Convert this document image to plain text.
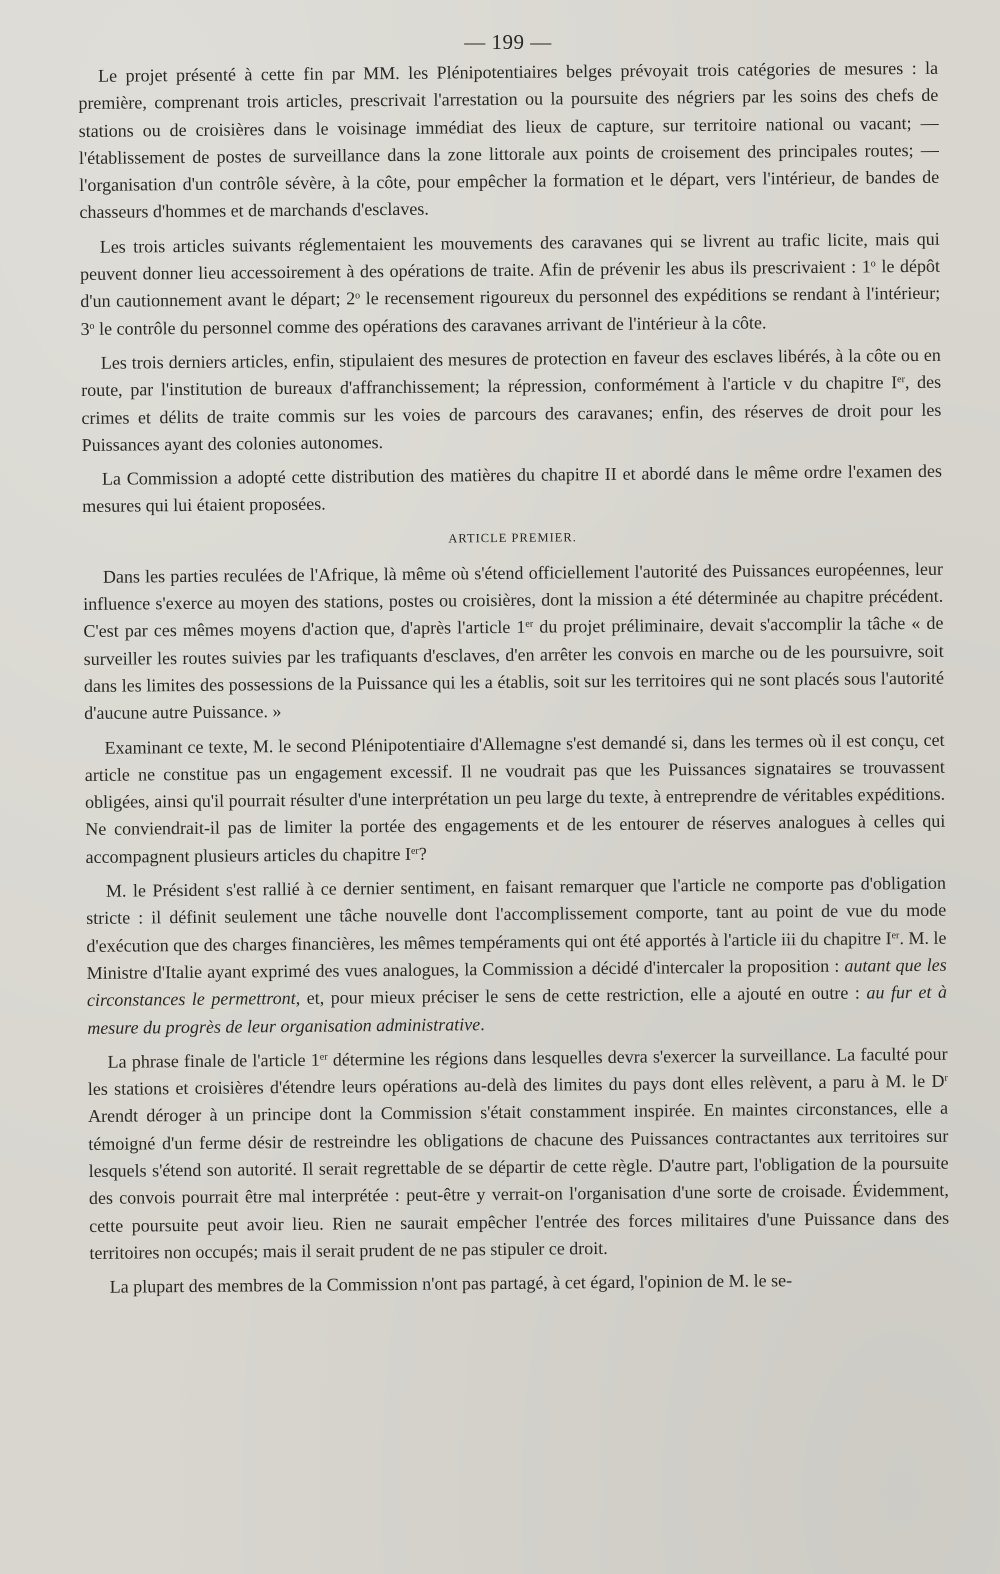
— 199 —

Le projet présenté à cette fin par MM. les Plénipotentiaires belges prévoyait trois catégories de mesures : la première, comprenant trois articles, prescrivait l'arrestation ou la poursuite des négriers par les soins des chefs de stations ou de croisières dans le voisinage immédiat des lieux de capture, sur territoire national ou vacant; — l'établissement de postes de surveillance dans la zone littorale aux points de croisement des principales routes; — l'organisation d'un contrôle sévère, à la côte, pour empêcher la formation et le départ, vers l'intérieur, de bandes de chasseurs d'hommes et de marchands d'esclaves.

Les trois articles suivants réglementaient les mouvements des caravanes qui se livrent au trafic licite, mais qui peuvent donner lieu accessoirement à des opérations de traite. Afin de prévenir les abus ils prescrivaient : 1$^o$ le dépôt d'un cautionnement avant le départ; 2$^o$ le recensement rigoureux du personnel des expéditions se rendant à l'intérieur; 3$^o$ le contrôle du personnel comme des opérations des caravanes arrivant de l'intérieur à la côte.

Les trois derniers articles, enfin, stipulaient des mesures de protection en faveur des esclaves libérés, à la côte ou en route, par l'institution de bureaux d'affranchissement; la répression, conformément à l'article v du chapitre Ier, des crimes et délits de traite commis sur les voies de parcours des caravanes; enfin, des réserves de droit pour les Puissances ayant des colonies autonomes.

La Commission a adopté cette distribution des matières du chapitre II et abordé dans le même ordre l'examen des mesures qui lui étaient proposées.

ARTICLE PREMIER.

Dans les parties reculées de l'Afrique, là même où s'étend officiellement l'autorité des Puissances européennes, leur influence s'exerce au moyen des stations, postes ou croisières, dont la mission a été déterminée au chapitre précédent. C'est par ces mêmes moyens d'action que, d'après l'article 1er du projet préliminaire, devait s'accomplir la tâche « de surveiller les routes suivies par les trafiquants d'esclaves, d'en arrêter les convois en marche ou de les poursuivre, soit dans les limites des possessions de la Puissance qui les a établis, soit sur les territoires qui ne sont placés sous l'autorité d'aucune autre Puissance. »

Examinant ce texte, M. le second Plénipotentiaire d'Allemagne s'est demandé si, dans les termes où il est conçu, cet article ne constitue pas un engagement excessif. Il ne voudrait pas que les Puissances signataires se trouvassent obligées, ainsi qu'il pourrait résulter d'une interprétation un peu large du texte, à entreprendre de véritables expéditions. Ne conviendrait-il pas de limiter la portée des engagements et de les entourer de réserves analogues à celles qui accompagnent plusieurs articles du chapitre Ier?

M. le Président s'est rallié à ce dernier sentiment, en faisant remarquer que l'article ne comporte pas d'obligation stricte : il définit seulement une tâche nouvelle dont l'accomplissement comporte, tant au point de vue du mode d'exécution que des charges financières, les mêmes tempéraments qui ont été apportés à l'article iii du chapitre Ier. M. le Ministre d'Italie ayant exprimé des vues analogues, la Commission a décidé d'intercaler la proposition : autant que les circonstances le permettront, et, pour mieux préciser le sens de cette restriction, elle a ajouté en outre : au fur et à mesure du progrès de leur organisation administrative.

La phrase finale de l'article 1er détermine les régions dans lesquelles devra s'exercer la surveillance. La faculté pour les stations et croisières d'étendre leurs opérations au-delà des limites du pays dont elles relèvent, a paru à M. le $D^r$ Arendt déroger à un principe dont la Commission s'était constamment inspirée. En maintes circonstances, elle a témoigné d'un ferme désir de restreindre les obligations de chacune des Puissances contractantes aux territoires sur lesquels s'étend son autorité. Il serait regrettable de se départir de cette règle. D'autre part, l'obligation de la poursuite des convois pourrait être mal interprétée : peut-être y verrait-on l'organisation d'une sorte de croisade. Évidemment, cette poursuite peut avoir lieu. Rien ne saurait empêcher l'entrée des forces militaires d'une Puissance dans des territoires non occupés; mais il serait prudent de ne pas stipuler ce droit.

La plupart des membres de la Commission n'ont pas partagé, à cet égard, l'opinion de M. le se-
